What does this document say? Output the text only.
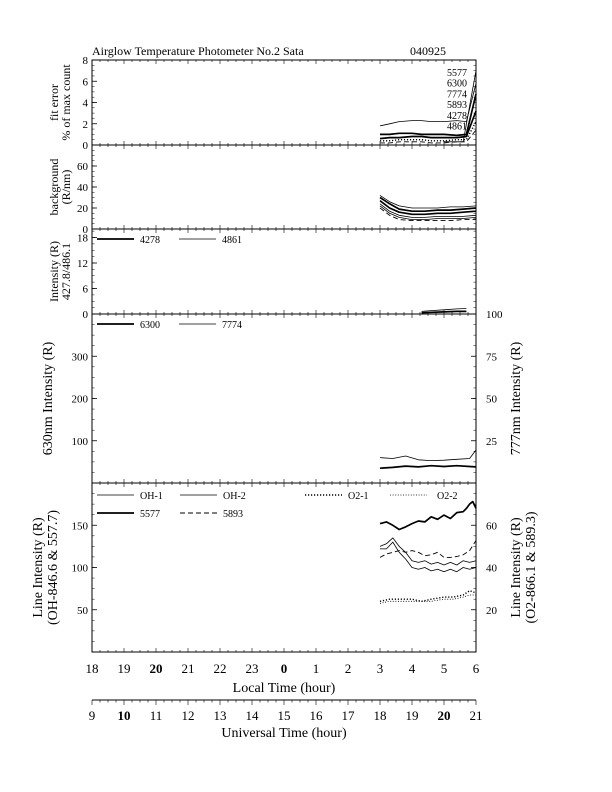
Airglow Temperature Photometer No.2 Sata	040925
0
2
4
6
8
fit error
% of max count	5577
6300
7774
5893
4278
4861
0
20
40
60
background
(R/nm)
0
6
12
18
Intensity (R)
427.8/486.1
4278	4861
100
200
300
25
50
75
100
630nm Intensity (R)	777nm Intensity (R)
6300	7774
50
100
150
20
40
60
Line Intensity (R) (OH-846.6 & 557.7)	Line Intensity (R) (O2-866.1 & 589.3)
OH-1	OH-2	O2-1	O2-2
5577	5893
18 19 20 21 22 23 0 1 2 3 4 5 6
Local Time (hour)
9 10 11 12 13 14 15 16 17 18 19 20 21
Universal Time (hour)
